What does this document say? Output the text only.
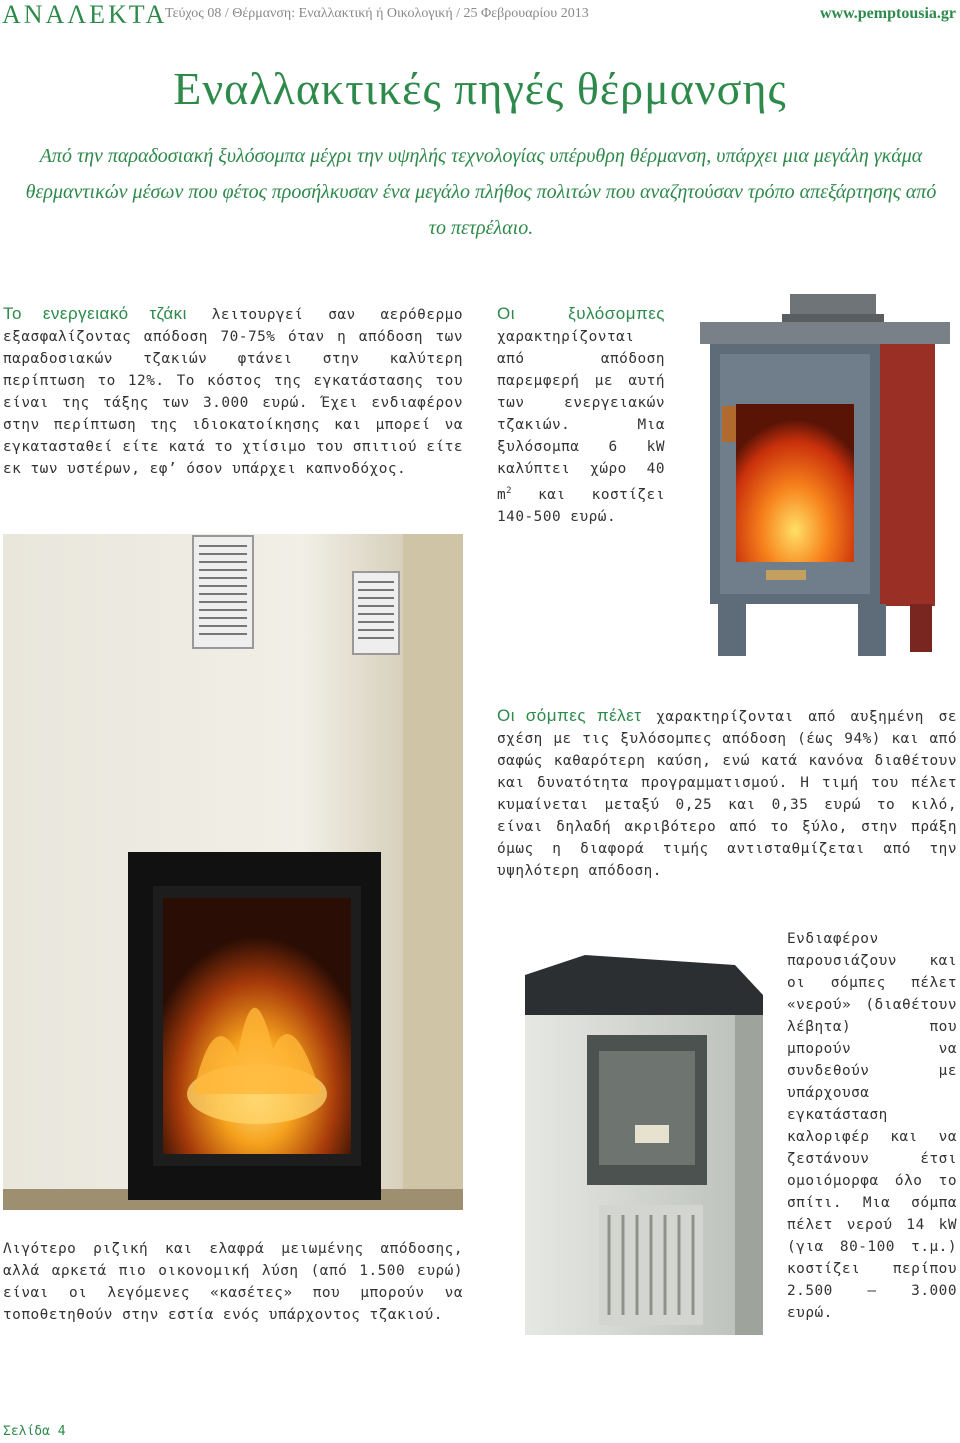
ΑΝΑΛΕΚΤΑ
Τεύχος 08 / Θέρμανση: Εναλλακτική ή Οικολογική / 25 Φεβρουαρίου 2013	www.pemptousia.gr
Εναλλακτικές πηγές θέρμανσης
Από την παραδοσιακή ξυλόσομπα μέχρι την υψηλής τεχνολογίας υπέρυθρη θέρμανση, υπάρχει μια μεγάλη γκάμα θερμαντικών μέσων που φέτος προσήλκυσαν ένα μεγάλο πλήθος πολιτών που αναζητούσαν τρόπο απεξάρτησης από το πετρέλαιο.
Το ενεργειακό τζάκι λειτουργεί σαν αερόθερμο εξασφαλίζοντας απόδοση 70-75% όταν η απόδοση των παραδοσιακών τζακιών φτάνει στην καλύτερη περίπτωση το 12%. Το κόστος της εγκατάστασης του είναι της τάξης των 3.000 ευρώ. Έχει ενδιαφέρον στην περίπτωση της ιδιοκατοίκησης και μπορεί να εγκατασταθεί είτε κατά το χτίσιμο του σπιτιού είτε εκ των υστέρων, εφ’ όσον υπάρχει καπνοδόχος.
Οι ξυλόσομπες χαρακτηρίζονται από απόδοση παρεμφερή με αυτή των ενεργειακών τζακιών. Μια ξυλόσομπα 6 kW καλύπτει χώρο 40 $m^2$ και κοστίζει 140-500 ευρώ.
Οι σόμπες πέλετ χαρακτηρίζονται από αυξημένη σε σχέση με τις ξυλόσομπες απόδοση (έως 94%) και από σαφώς καθαρότερη καύση, ενώ κατά κανόνα διαθέτουν και δυνατότητα προγραμματισμού. Η τιμή του πέλετ κυμαίνεται μεταξύ 0,25 και 0,35 ευρώ το κιλό, είναι δηλαδή ακριβότερο από το ξύλο, στην πράξη όμως η διαφορά τιμής αντισταθμίζεται από την υψηλότερη απόδοση.
Ενδιαφέρον παρουσιάζουν και οι σόμπες πέλετ «νερού» (διαθέτουν λέβητα) που μπορούν να συνδεθούν με υπάρχουσα εγκατάσταση καλοριφέρ και να ζεστάνουν έτσι ομοιόμορφα όλο το σπίτι. Μια σόμπα πέλετ νερού 14 kW (για 80-100 τ.μ.) κοστίζει περίπου 2.500 – 3.000 ευρώ.
Λιγότερο ριζική και ελαφρά μειωμένης απόδοσης, αλλά αρκετά πιο οικονομική λύση (από 1.500 ευρώ) είναι οι λεγόμενες «κασέτες» που μπορούν να τοποθετηθούν στην εστία ενός υπάρχοντος τζακιού.
Σελίδα 4
